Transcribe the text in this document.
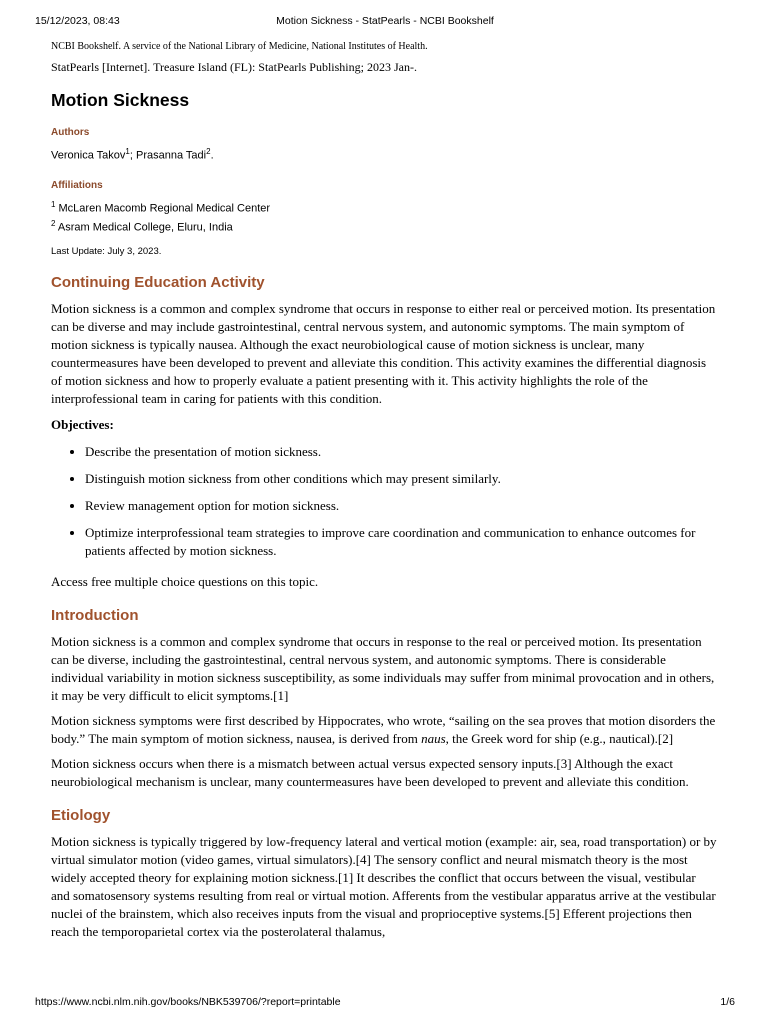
15/12/2023, 08:43	Motion Sickness - StatPearls - NCBI Bookshelf

NCBI Bookshelf. A service of the National Library of Medicine, National Institutes of Health.

StatPearls [Internet]. Treasure Island (FL): StatPearls Publishing; 2023 Jan-.

Motion Sickness

Authors

Veronica Takov$^1$; Prasanna Tadi$^2$.

Affiliations

$^1$ McLaren Macomb Regional Medical Center
$^2$ Asram Medical College, Eluru, India

Last Update: July 3, 2023.

Continuing Education Activity

Motion sickness is a common and complex syndrome that occurs in response to either real or perceived motion. Its presentation can be diverse and may include gastrointestinal, central nervous system, and autonomic symptoms. The main symptom of motion sickness is typically nausea. Although the exact neurobiological cause of motion sickness is unclear, many countermeasures have been developed to prevent and alleviate this condition. This activity examines the differential diagnosis of motion sickness and how to properly evaluate a patient presenting with it. This activity highlights the role of the interprofessional team in caring for patients with this condition.

Objectives:

• Describe the presentation of motion sickness.
• Distinguish motion sickness from other conditions which may present similarly.
• Review management option for motion sickness.
• Optimize interprofessional team strategies to improve care coordination and communication to enhance outcomes for patients affected by motion sickness.

Access free multiple choice questions on this topic.

Introduction

Motion sickness is a common and complex syndrome that occurs in response to the real or perceived motion. Its presentation can be diverse, including the gastrointestinal, central nervous system, and autonomic symptoms. There is considerable individual variability in motion sickness susceptibility, as some individuals may suffer from minimal provocation and in others, it may be very difficult to elicit symptoms.[1]

Motion sickness symptoms were first described by Hippocrates, who wrote, “sailing on the sea proves that motion disorders the body.” The main symptom of motion sickness, nausea, is derived from naus, the Greek word for ship (e.g., nautical).[2]

Motion sickness occurs when there is a mismatch between actual versus expected sensory inputs.[3] Although the exact neurobiological mechanism is unclear, many countermeasures have been developed to prevent and alleviate this condition.

Etiology

Motion sickness is typically triggered by low-frequency lateral and vertical motion (example: air, sea, road transportation) or by virtual simulator motion (video games, virtual simulators).[4] The sensory conflict and neural mismatch theory is the most widely accepted theory for explaining motion sickness.[1] It describes the conflict that occurs between the visual, vestibular and somatosensory systems resulting from real or virtual motion. Afferents from the vestibular apparatus arrive at the vestibular nuclei of the brainstem, which also receives inputs from the visual and proprioceptive systems.[5] Efferent projections then reach the temporoparietal cortex via the posterolateral thalamus,

https://www.ncbi.nlm.nih.gov/books/NBK539706/?report=printable	1/6
